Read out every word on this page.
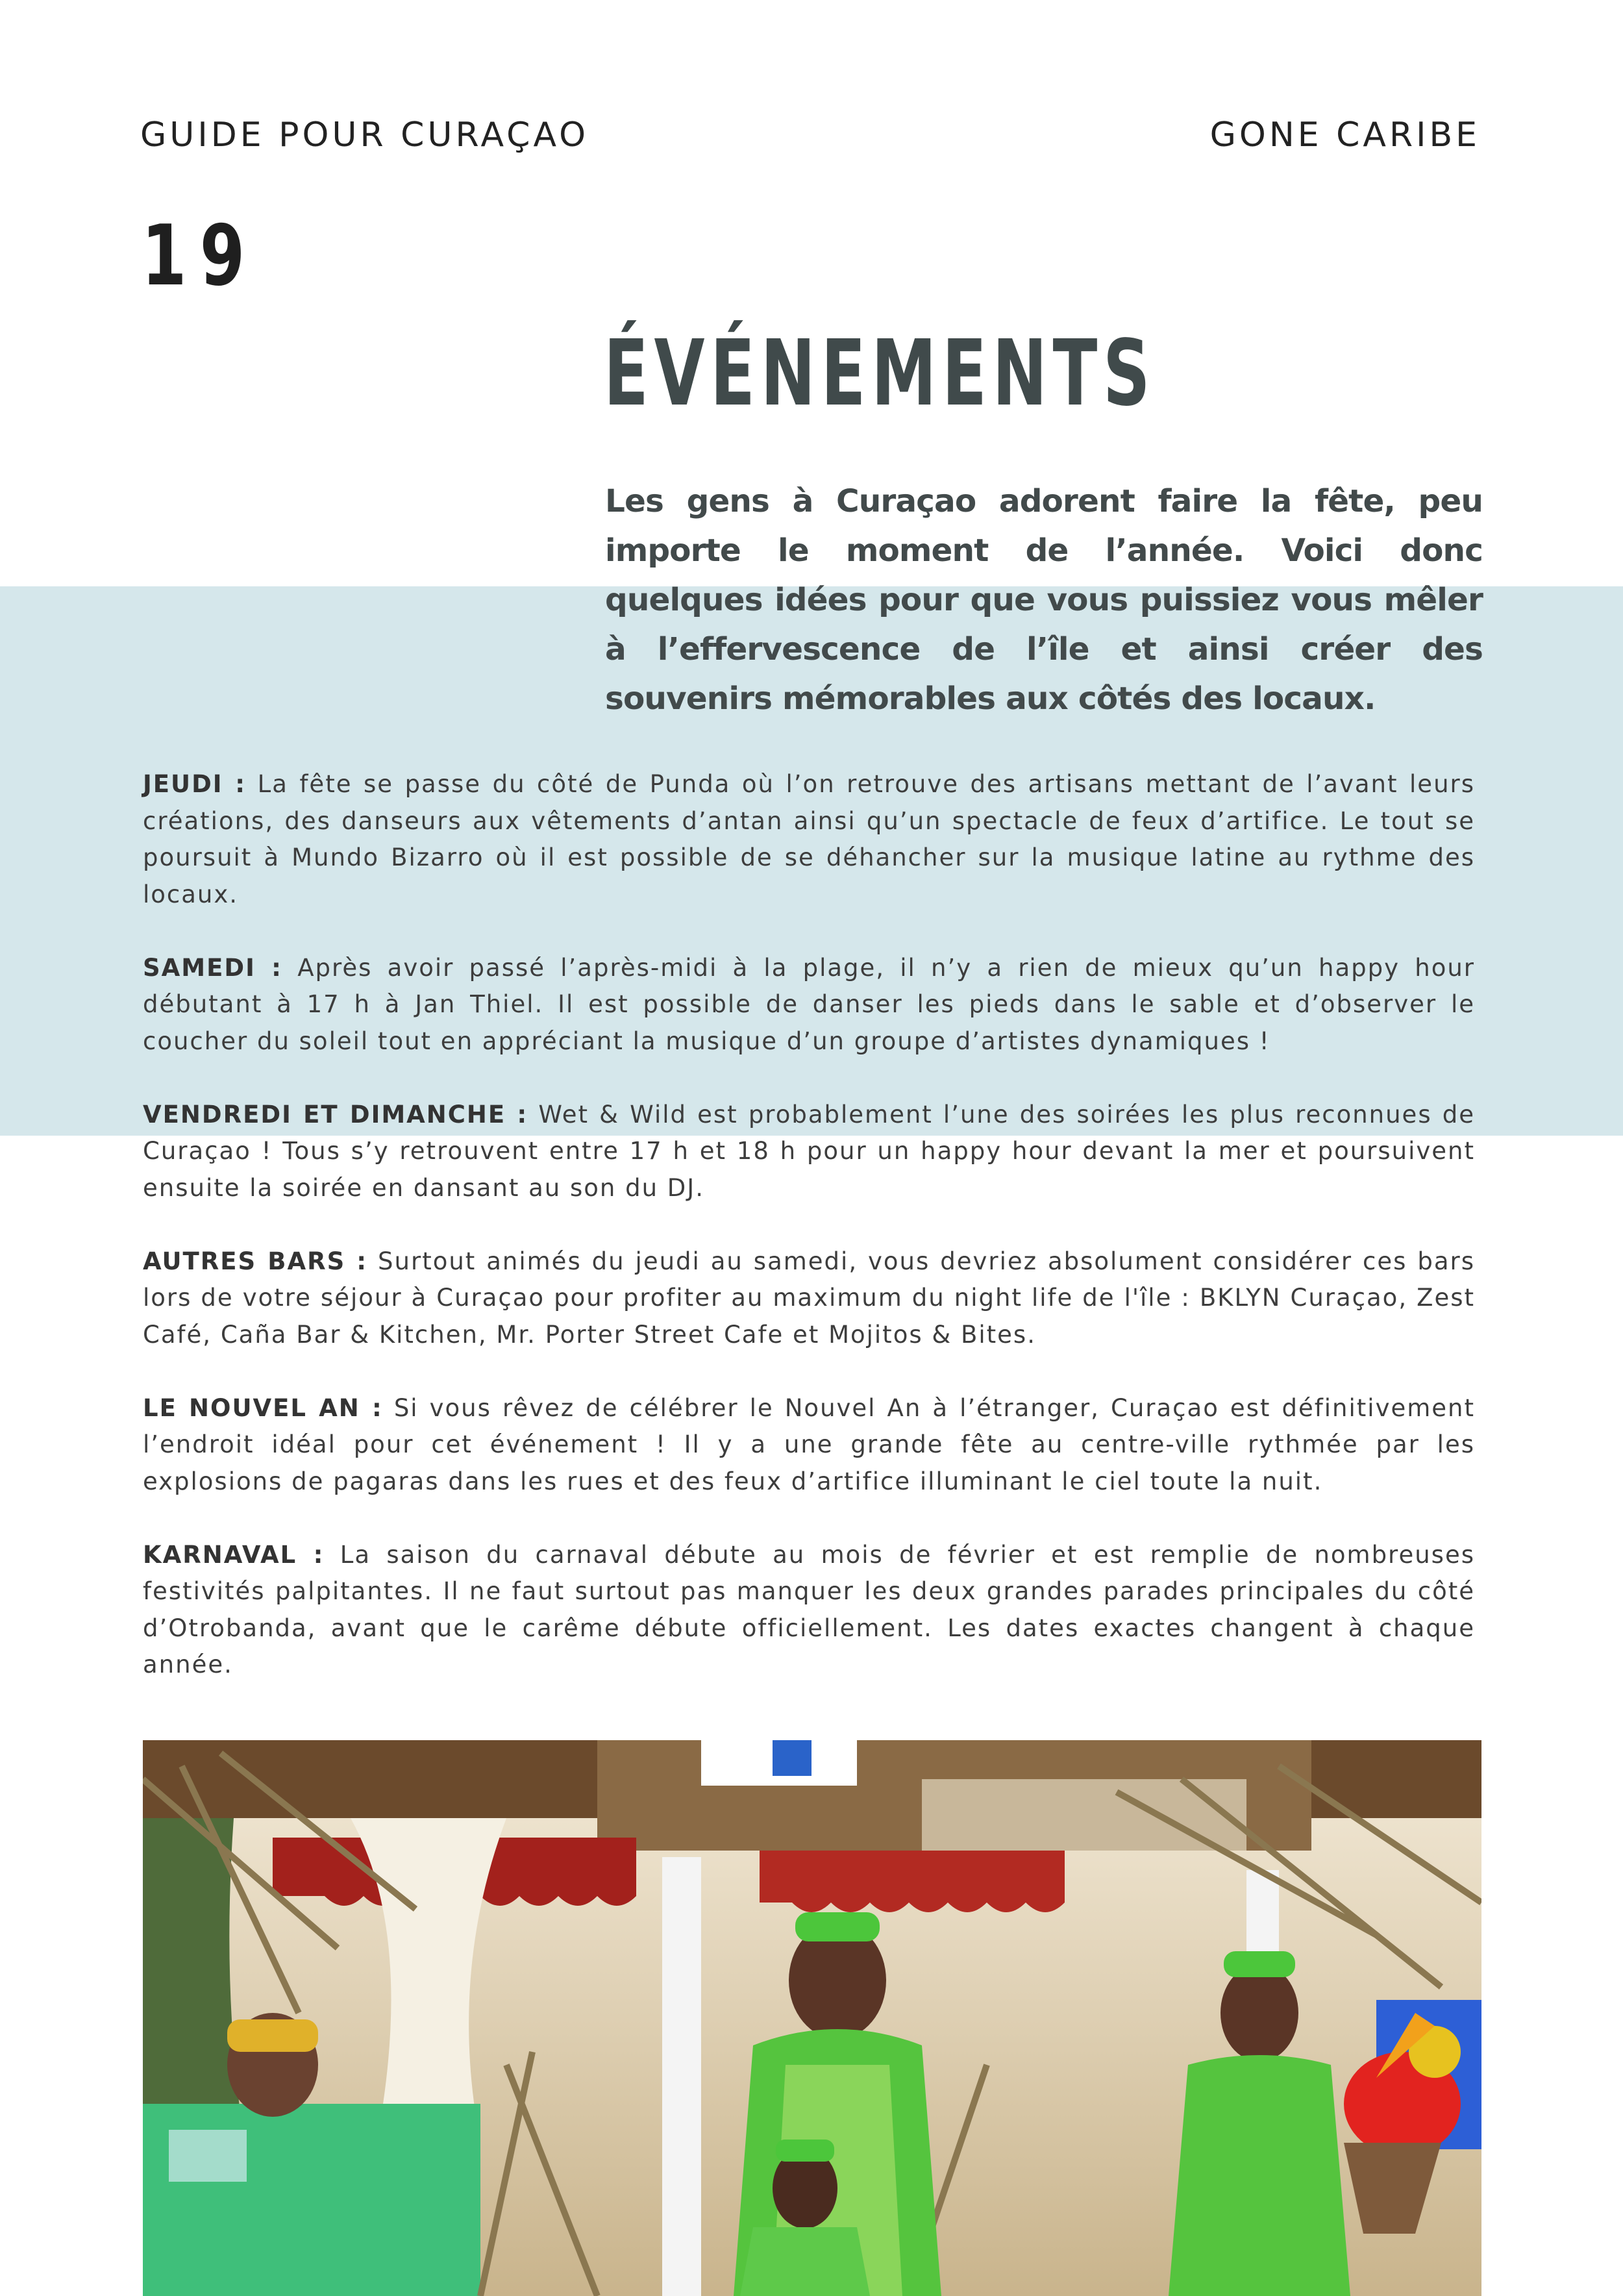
GUIDE POUR CURAÇAO	GONE CARIBE
19
ÉVÉNEMENTS
Les gens à Curaçao adorent faire la fête, peu importe le moment de l’année. Voici donc quelques idées pour que vous puissiez vous mêler à l’effervescence de l’île et ainsi créer des souvenirs mémorables aux côtés des locaux.

JEUDI : La fête se passe du côté de Punda où l’on retrouve des artisans mettant de l’avant leurs créations, des danseurs aux vêtements d’antan ainsi qu’un spectacle de feux d’artifice. Le tout se poursuit à Mundo Bizarro où il est possible de se déhancher sur la musique latine au rythme des locaux.

SAMEDI : Après avoir passé l’après-midi à la plage, il n’y a rien de mieux qu’un happy hour débutant à 17 h à Jan Thiel. Il est possible de danser les pieds dans le sable et d’observer le coucher du soleil tout en appréciant la musique d’un groupe d’artistes dynamiques !

VENDREDI ET DIMANCHE : Wet & Wild est probablement l’une des soirées les plus reconnues de Curaçao ! Tous s’y retrouvent entre 17 h et 18 h pour un happy hour devant la mer et poursuivent ensuite la soirée en dansant au son du DJ.

AUTRES BARS : Surtout animés du jeudi au samedi, vous devriez absolument considérer ces bars lors de votre séjour à Curaçao pour profiter au maximum du night life de l'île : BKLYN Curaçao, Zest Café, Caña Bar & Kitchen, Mr. Porter Street Cafe et Mojitos & Bites.

LE NOUVEL AN : Si vous rêvez de célébrer le Nouvel An à l’étranger, Curaçao est définitivement l’endroit idéal pour cet événement ! Il y a une grande fête au centre-ville rythmée par les explosions de pagaras dans les rues et des feux d’artifice illuminant le ciel toute la nuit.

KARNAVAL : La saison du carnaval débute au mois de février et est remplie de nombreuses festivités palpitantes. Il ne faut surtout pas manquer les deux grandes parades principales du côté d’Otrobanda, avant que le carême débute officiellement. Les dates exactes changent à chaque année.
